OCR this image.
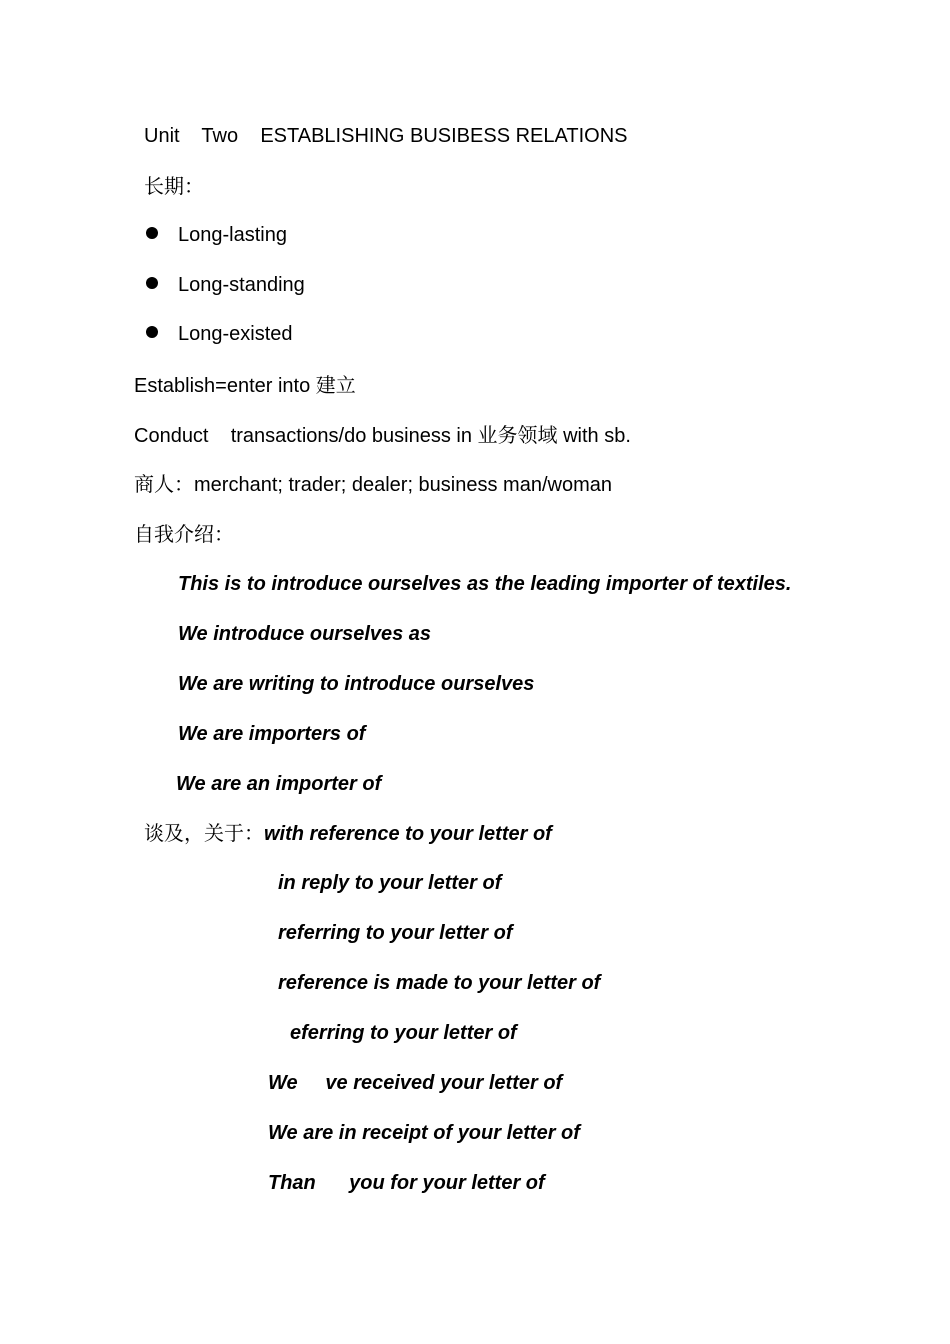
Unit    Two    ESTABLISHING BUSIBESS RELATIONS
长期：
Long-lasting
Long-standing
Long-existed
Establish=enter into 建立
Conduct    transactions/do business in 业务领域 with sb.
商人：merchant; trader; dealer; business man/woman
自我介绍：
This is to introduce ourselves as the leading importer of textiles.
We introduce ourselves as
We are writing to introduce ourselves
We are importers of
We are an importer of
谈及，关于：with reference to your letter of
in reply to your letter of
referring to your letter of
reference is made to your letter of
eferring to your letter of
We     ve received your letter of
We are in receipt of your letter of
Than      you for your letter of
